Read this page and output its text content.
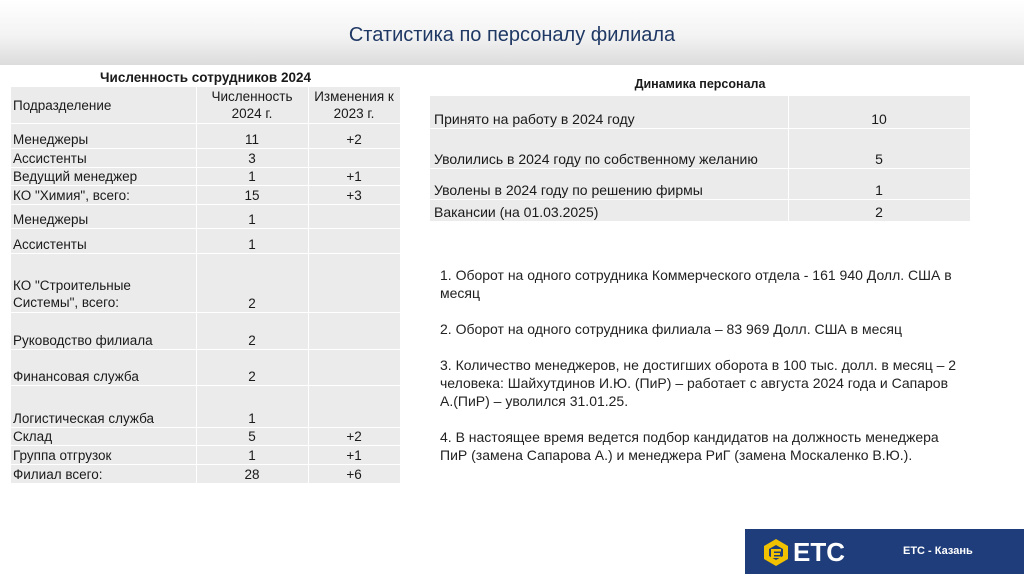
Статистика по персоналу филиала
Численность сотрудников 2024		
Подразделение	Численность 2024 г.	Изменения к 2023 г.
Менеджеры	11	+2
Ассистенты	3	
Ведущий менеджер	1	+1
КО "Химия", всего:	15	+3
Менеджеры	1	
Ассистенты	1	
КО "Строительные Системы", всего:	2	
Руководство филиала	2	
Финансовая служба	2	
Логистическая служба	1	
Склад	5	+2
Группа отгрузок	1	+1
Филиал всего:	28	+6
Динамика персонала	
Принято на работу в 2024 году	10
Уволились в 2024 году по собственному желанию	5
Уволены в 2024 году по решению фирмы	1
Вакансии (на 01.03.2025)	2

1. Оборот на одного сотрудника Коммерческого отдела - 161 940 Долл. США в месяц

2. Оборот на одного сотрудника филиала – 83 969 Долл. США в месяц

3. Количество менеджеров, не достигших оборота в 100 тыс. долл. в месяц – 2 человека: Шайхутдинов И.Ю. (ПиР) – работает с августа 2024 года и Сапаров А.(ПиР) – уволился 31.01.25.

4. В настоящее время ведется подбор кандидатов на должность менеджера ПиР (замена Сапарова А.) и менеджера РиГ (замена Москаленко В.Ю.).

ETC	ETC - Казань
